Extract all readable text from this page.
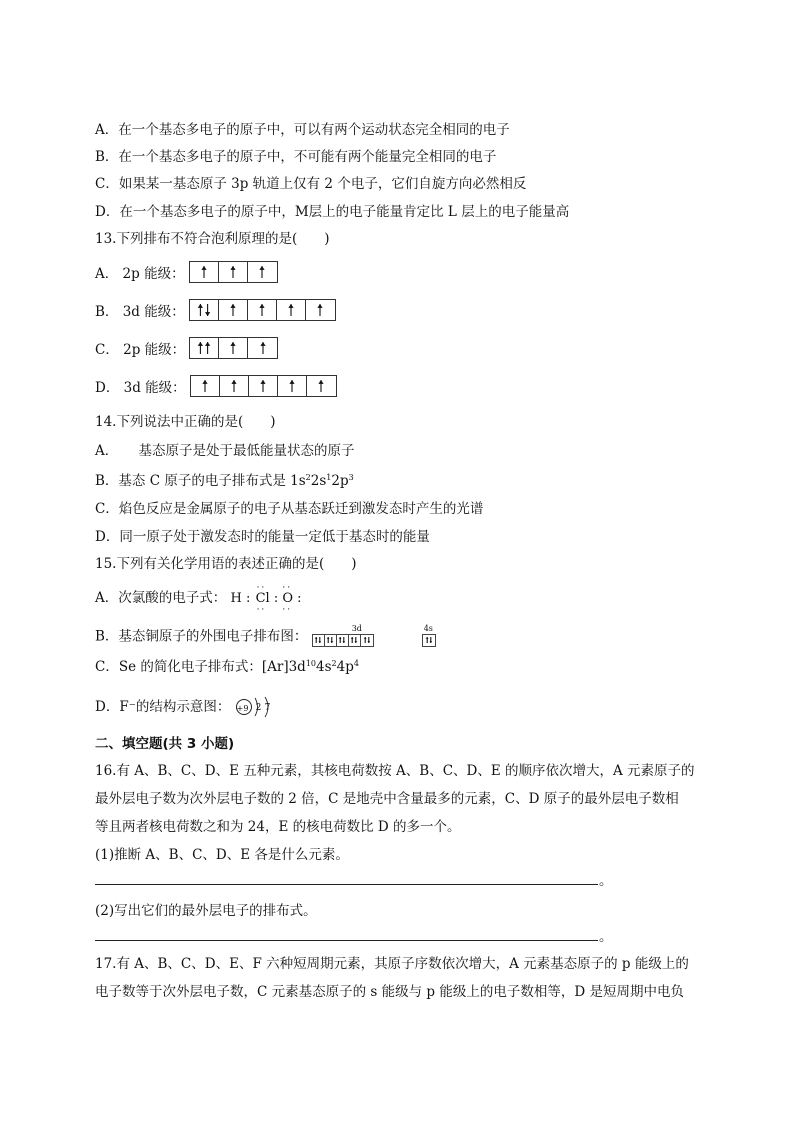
A．在一个基态多电子的原子中，可以有两个运动状态完全相同的电子
B．在一个基态多电子的原子中，不可能有两个能量完全相同的电子
C．如果某一基态原子 3p 轨道上仅有 2 个电子，它们自旋方向必然相反
D．在一个基态多电子的原子中，M层上的电子能量肯定比 L 层上的电子能量高
13.下列排布不符合泡利原理的是(　　)
A． 2p 能级：
B． 3d 能级：
C． 2p 能级：
D． 3d 能级：
14.下列说法中正确的是(　　)
A．　　基态原子是处于最低能量状态的原子
B．基态 C 原子的电子排布式是 $1s^22s^12p^3$
C．焰色反应是金属原子的电子从基态跃迁到激发态时产生的光谱
D．同一原子处于激发态时的能量一定低于基态时的能量
15.下列有关化学用语的表述正确的是(　　)
A．次氯酸的电子式： H :
··
Cl
··
:
··
O
··
:
B．基态铜原子的外围电子排布图：
3d	4s
C．Se 的简化电子排布式：$[Ar]3d^{10}4s^24p^4$
D．F⁻的结构示意图： +9 2 7
二、填空题(共 3 小题)
16.有 A、B、C、D、E 五种元素，其核电荷数按 A、B、C、D、E 的顺序依次增大，A 元素原子的
最外层电子数为次外层电子数的 2 倍，C 是地壳中含量最多的元素，C、D 原子的最外层电子数相
等且两者核电荷数之和为 24，E 的核电荷数比 D 的多一个。
(1)推断 A、B、C、D、E 各是什么元素。
。
(2)写出它们的最外层电子的排布式。
。
17.有 A、B、C、D、E、F 六种短周期元素，其原子序数依次增大，A 元素基态原子的 p 能级上的
电子数等于次外层电子数，C 元素基态原子的 s 能级与 p 能级上的电子数相等，D 是短周期中电负
